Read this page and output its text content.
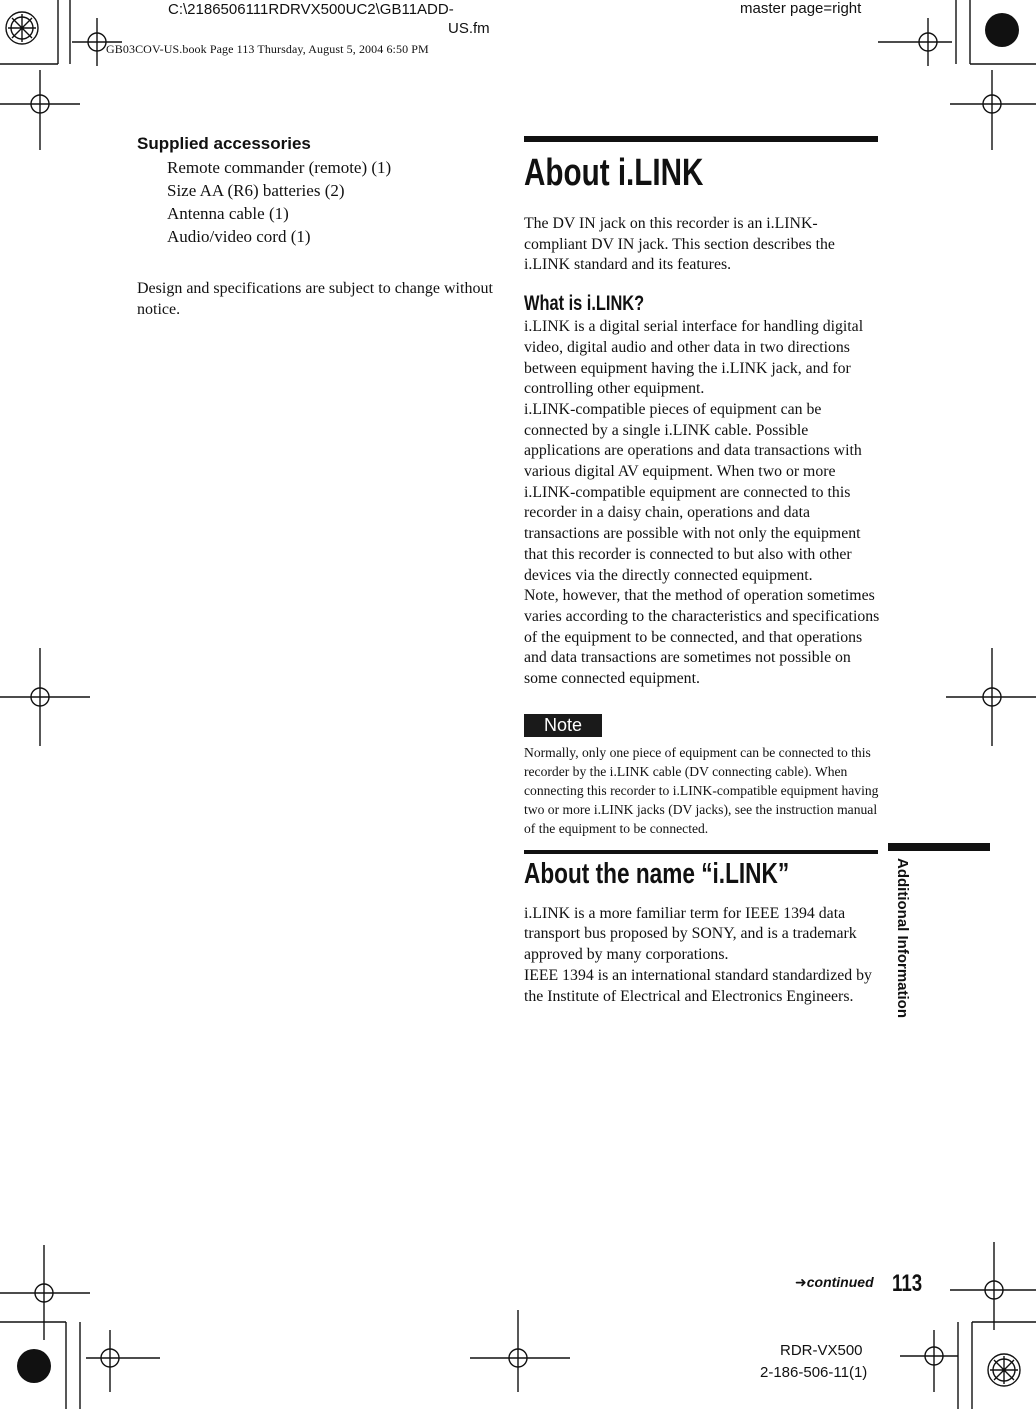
C:\2186506111RDRVX500UC2\GB11ADD-
US.fm
master page=right
GB03COV-US.book Page 113 Thursday, August 5, 2004 6:50 PM
Supplied accessories
Remote commander (remote) (1)
Size AA (R6) batteries (2)
Antenna cable (1)
Audio/video cord (1)

Design and specifications are subject to change without notice.

About i.LINK

The DV IN jack on this recorder is an i.LINK-compliant DV IN jack. This section describes the i.LINK standard and its features.

What is i.LINK?

i.LINK is a digital serial interface for handling digital video, digital audio and other data in two directions between equipment having the i.LINK jack, and for controlling other equipment.

i.LINK-compatible pieces of equipment can be connected by a single i.LINK cable. Possible applications are operations and data transactions with various digital AV equipment. When two or more i.LINK-compatible equipment are connected to this recorder in a daisy chain, operations and data transactions are possible with not only the equipment that this recorder is connected to but also with other devices via the directly connected equipment.

Note, however, that the method of operation sometimes varies according to the characteristics and specifications of the equipment to be connected, and that operations and data transactions are sometimes not possible on some connected equipment.

Note

Normally, only one piece of equipment can be connected to this recorder by the i.LINK cable (DV connecting cable). When connecting this recorder to i.LINK-compatible equipment having two or more i.LINK jacks (DV jacks), see the instruction manual of the equipment to be connected.

About the name “i.LINK”

i.LINK is a more familiar term for IEEE 1394 data transport bus proposed by SONY, and is a trademark approved by many corporations.

IEEE 1394 is an international standard standardized by the Institute of Electrical and Electronics Engineers.	Additional Information
➜continued 113
RDR-VX500
2-186-506-11(1)
